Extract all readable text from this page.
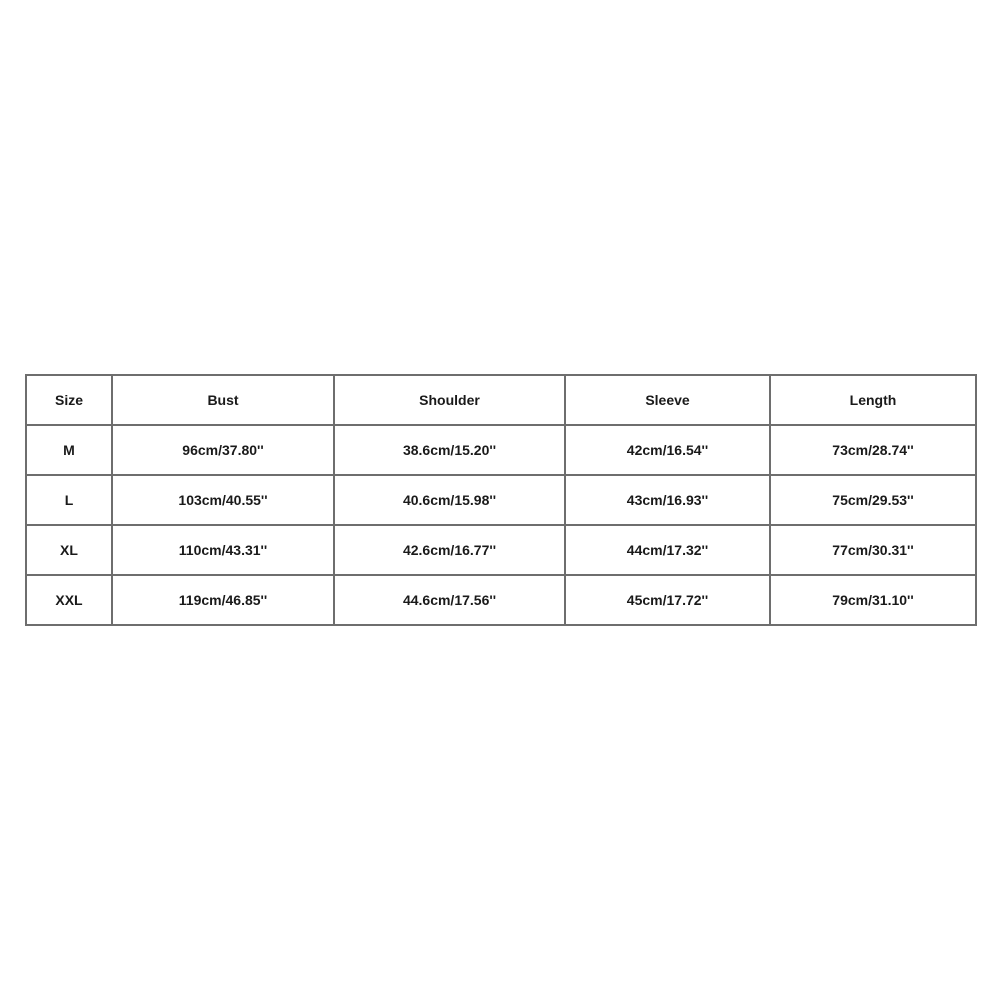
Size	Bust	Shoulder	Sleeve	Length
M	96cm/37.80''	38.6cm/15.20''	42cm/16.54''	73cm/28.74''
L	103cm/40.55''	40.6cm/15.98''	43cm/16.93''	75cm/29.53''
XL	110cm/43.31''	42.6cm/16.77''	44cm/17.32''	77cm/30.31''
XXL	119cm/46.85''	44.6cm/17.56''	45cm/17.72''	79cm/31.10''
